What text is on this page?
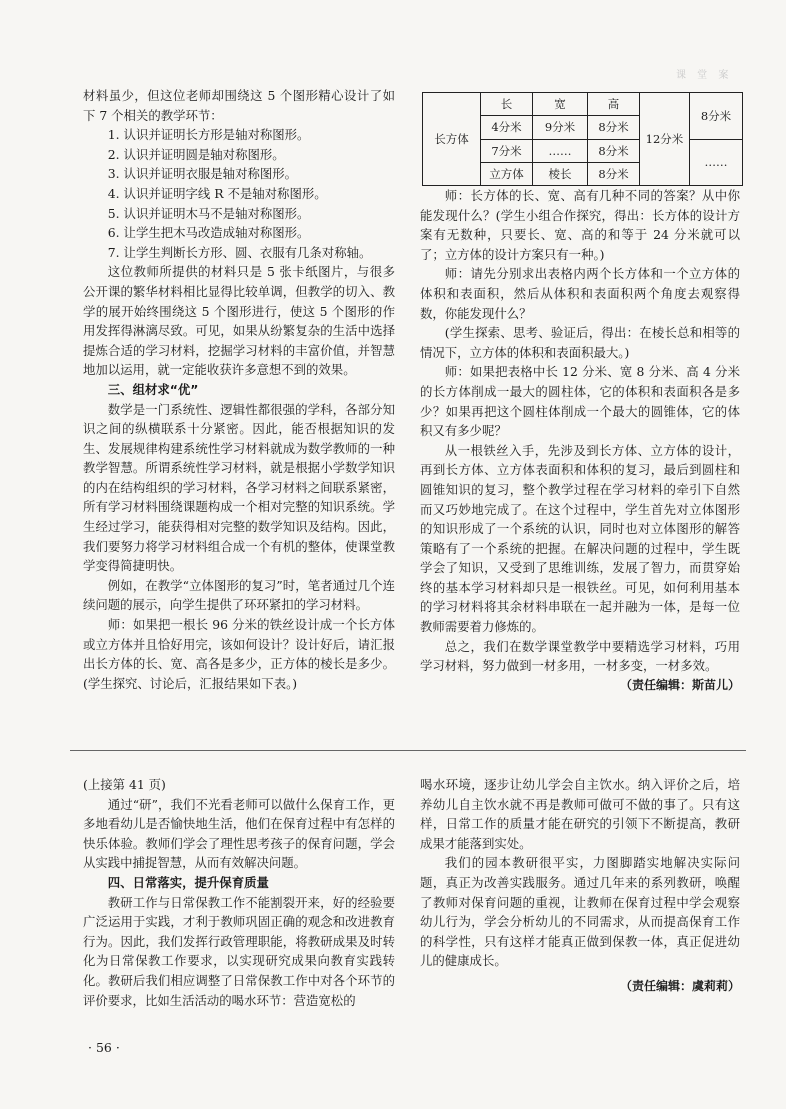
课 堂 案

材料虽少，但这位老师却围绕这 5 个图形精心设计了如下 7 个相关的教学环节：

1. 认识并证明长方形是轴对称图形。

2. 认识并证明圆是轴对称图形。

3. 认识并证明衣服是轴对称图形。

4. 认识并证明字线 R 不是轴对称图形。

5. 认识并证明木马不是轴对称图形。

6. 让学生把木马改造成轴对称图形。

7. 让学生判断长方形、圆、衣服有几条对称轴。

这位教师所提供的材料只是 5 张卡纸图片，与很多公开课的繁华材料相比显得比较单调，但教学的切入、教学的展开始终围绕这 5 个图形进行，使这 5 个图形的作用发挥得淋漓尽致。可见，如果从纷繁复杂的生活中选择提炼合适的学习材料，挖掘学习材料的丰富价值，并智慧地加以运用，就一定能收获许多意想不到的效果。

三、组材求“优”

数学是一门系统性、逻辑性都很强的学科，各部分知识之间的纵横联系十分紧密。因此，能否根据知识的发生、发展规律构建系统性学习材料就成为数学教师的一种教学智慧。所谓系统性学习材料，就是根据小学数学知识的内在结构组织的学习材料，各学习材料之间联系紧密，所有学习材料围绕课题构成一个相对完整的知识系统。学生经过学习，能获得相对完整的数学知识及结构。因此，我们要努力将学习材料组合成一个有机的整体，使课堂教学变得简捷明快。

例如，在教学“立体图形的复习”时，笔者通过几个连续问题的展示，向学生提供了环环紧扣的学习材料。

师：如果把一根长 96 分米的铁丝设计成一个长方体或立方体并且恰好用完，该如何设计？设计好后，请汇报出长方体的长、宽、高各是多少，正方体的棱长是多少。(学生探究、讨论后，汇报结果如下表。)

长方体	长	宽	高	12分米	8分米
	4分米	9分米	8分米		
	7分米	……	8分米		……
	立方体	棱长	8分米		

师：长方体的长、宽、高有几种不同的答案？从中你能发现什么？(学生小组合作探究，得出：长方体的设计方案有无数种，只要长、宽、高的和等于 24 分米就可以了；立方体的设计方案只有一种。)

师：请先分别求出表格内两个长方体和一个立方体的体积和表面积，然后从体积和表面积两个角度去观察得数，你能发现什么？

(学生探索、思考、验证后，得出：在棱长总和相等的情况下，立方体的体积和表面积最大。)

师：如果把表格中长 12 分米、宽 8 分米、高 4 分米的长方体削成一最大的圆柱体，它的体积和表面积各是多少？如果再把这个圆柱体削成一个最大的圆锥体，它的体积又有多少呢？

从一根铁丝入手，先涉及到长方体、立方体的设计，再到长方体、立方体表面积和体积的复习，最后到圆柱和圆锥知识的复习，整个教学过程在学习材料的牵引下自然而又巧妙地完成了。在这个过程中，学生首先对立体图形的知识形成了一个系统的认识，同时也对立体图形的解答策略有了一个系统的把握。在解决问题的过程中，学生既学会了知识，又受到了思维训练，发展了智力，而贯穿始终的基本学习材料却只是一根铁丝。可见，如何利用基本的学习材料将其余材料串联在一起并融为一体，是每一位教师需要着力修炼的。

总之，我们在数学课堂教学中要精选学习材料，巧用学习材料，努力做到一材多用，一材多变，一材多效。

（责任编辑：斯苗儿）

(上接第 41 页)

通过“研”，我们不光看老师可以做什么保育工作，更多地看幼儿是否愉快地生活，他们在保育过程中有怎样的快乐体验。教师们学会了理性思考孩子的保育问题，学会从实践中捕捉智慧，从而有效解决问题。

四、日常落实，提升保育质量

教研工作与日常保教工作不能割裂开来，好的经验要广泛运用于实践，才利于教师巩固正确的观念和改进教育行为。因此，我们发挥行政管理职能，将教研成果及时转化为日常保教工作要求，以实现研究成果向教育实践转化。教研后我们相应调整了日常保教工作中对各个环节的评价要求，比如生活活动的喝水环节：营造宽松的

喝水环境，逐步让幼儿学会自主饮水。纳入评价之后，培养幼儿自主饮水就不再是教师可做可不做的事了。只有这样，日常工作的质量才能在研究的引领下不断提高，教研成果才能落到实处。

我们的园本教研很平实，力图脚踏实地解决实际问题，真正为改善实践服务。通过几年来的系列教研，唤醒了教师对保育问题的重视，让教师在保育过程中学会观察幼儿行为，学会分析幼儿的不同需求，从而提高保育工作的科学性，只有这样才能真正做到保教一体，真正促进幼儿的健康成长。

（责任编辑：虞莉莉）

· 56 ·
